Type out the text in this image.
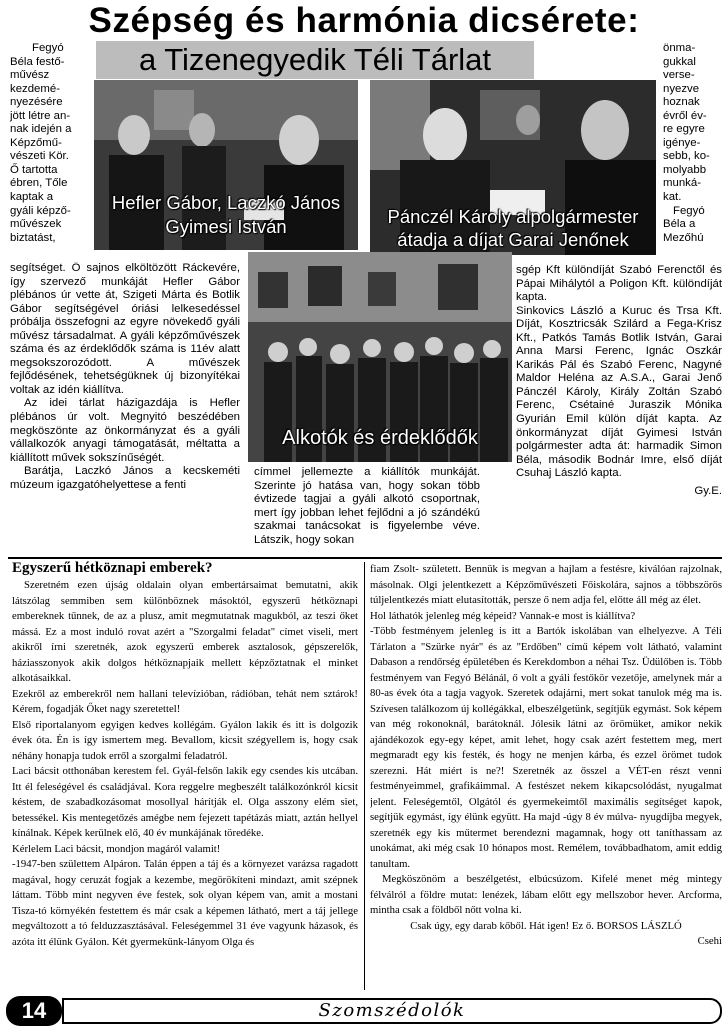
Szépség és harmónia dicsérete:
a Tizenegyedik Téli Tárlat
Hefler Gábor, Laczkó János
Gyimesi István	Pánczél Károly alpolgármester
átadja a díjat Garai Jenőnek
Alkotók és érdeklődők

Fegyó

Béla festő-

művész

kezdemé-

nyezésére

jött létre an-

nak idején a

Képzőmű-

vészeti Kör.

Ő tartotta

ébren, Tőle

kaptak a

gyáli képző-

művészek

biztatást,

segítséget. Ő sajnos elköltözött Ráckevére, így szervező munkáját Hefler Gábor plébános úr vette át, Szigeti Márta és Botlik Gábor segítségével óriási lelkesedéssel próbálja összefogni az egyre növekedő gyáli művész társadalmat. A gyáli képzőművészek száma és az érdeklődők száma is 11év alatt megsokszorozódott. A művészek fejlődésének, tehetségüknek új bizonyítékai voltak az idén kiállítva.

Az idei tárlat házigazdája is Hefler plébános úr volt. Megnyitó beszédében megköszönte az önkormányzat és a gyáli vállalkozók anyagi támogatását, méltatta a kiállított művek sokszínűségét.

Barátja, Laczkó János a kecskeméti múzeum igazgatóhelyettese a fenti

címmel jellemezte a kiállítók munkáját. Szerinte jó hatása van, hogy sokan több évtizede tagjai a gyáli alkotó csoportnak, mert így jobban lehet fejlődni a jó szándékú szakmai tanácsokat is figyelembe véve. Látszik, hogy sokan

önma-

gukkal

verse-

nyezve

hoznak

évről év-

re egyre

igénye-

sebb, ko-

molyabb

munká-

kat.

Fegyó

Béla a

Mezőhú

sgép Kft különdíját Szabó Ferenctől és Pápai Mihálytól a Poligon Kft. különdíját kapta.

Sinkovics László a Kuruc és Trsa Kft. Díját, Kosztricsák Szilárd a Fega-Krisz Kft., Patkós Tamás Botlik István, Garai Anna Marsi Ferenc, Ignác Oszkár Karikás Pál és Szabó Ferenc, Nagyné Maldor Heléna az A.S.A., Garai Jenő Pánczél Károly, Király Zoltán Szabó Ferenc, Csétainé Juraszik Mónika Gyurián Emil külön díját kapta. Az önkormányzat díját Gyimesi István polgármester adta át: harmadik Simon Béla, második Bodnár Imre, első díját Csuhaj László kapta.

Gy.E.

Egyszerű hétköznapi emberek?

Szeretném ezen újság oldalain olyan embertársaimat bemutatni, akik látszólag semmiben sem különböznek másoktól, egyszerű hétköznapi embereknek tűnnek, de az a plusz, amit megmutatnak magukból, az teszi őket mássá. Ez a most induló rovat azért a "Szorgalmi feladat" címet viseli, mert akikről írni szeretnék, azok egyszerű emberek asztalosok, gépszerelők, háziasszonyok akik dolgos hétköznapjaik mellett képzőztatnak el minket alkotásaikkal.

Ezekről az emberekről nem hallani televízióban, rádióban, tehát nem sztárok! Kérem, fogadják Őket nagy szeretettel!

Első riportalanyom egyigen kedves kollégám. Gyálon lakik és itt is dolgozik évek óta. Én is így ismertem meg. Bevallom, kicsit szégyellem is, hogy csak néhány honapja tudok erről a szorgalmi feladatról.

Laci bácsit otthonában kerestem fel. Gyál-felsőn lakik egy csendes kis utcában. Itt él feleségével és családjával. Kora reggelre megbeszélt találkozónkról kicsit késtem, de szabadkozásomat mosollyal hárítják el. Olga asszony elém siet, betessékel. Kis mentegetőzés amégbe nem fejezett tapétázás miatt, aztán hellyel kínálnak. Képek kerülnek elő, 40 év munkájának töredéke.

Kérlelem Laci bácsit, mondjon magáról valamit!

-1947-ben születtem Alpáron. Talán éppen a táj és a környezet varázsa ragadott magával, hogy ceruzát fogjak a kezembe, megörökíteni mindazt, amit szépnek láttam. Több mint negyven éve festek, sok olyan képem van, amit a mostani Tisza-tó környékén festettem és már csak a képemen látható, mert a táj jellege megváltozott a tó felduzzasztásával. Feleségemmel 31 éve vagyunk házasok, és azóta itt élünk Gyálon. Két gyermekünk-lányom Olga és

fiam Zsolt- született. Bennük is megvan a hajlam a festésre, kiválóan rajzolnak, másolnak. Olgi jelentkezett a Képzőművészeti Főiskolára, sajnos a többszörös túljelentkezés miatt elutasították, persze ő nem adja fel, előtte áll még az élet.

Hol láthatók jelenleg még képeid? Vannak-e most is kiállítva?

-Több festményem jelenleg is itt a Bartók iskolában van elhelyezve. A Téli Tárlaton a "Szürke nyár" és az "Erdőben" című képem volt látható, valamint Dabason a rendőrség épületében és Kerekdombon a néhai Tsz. Üdülőben is. Több festményem van Fegyó Bélánál, ő volt a gyáli festőkör vezetője, amelynek már a 80-as évek óta a tagja vagyok. Szeretek odajárni, mert sokat tanulok még ma is. Szívesen találkozom új kollégákkal, elbeszélgetünk, segítjük egymást. Sok képem van még rokonoknál, barátoknál. Jólesik látni az örömüket, amikor nekik ajándékozok egy-egy képet, amit lehet, hogy csak azért festettem meg, mert megmaradt egy kis festék, és hogy ne menjen kárba, és ezzel örömet tudok szerezni. Hát miért is ne?! Szeretnék az ősszel a VÉT-en részt venni festményeimmel, grafikáimmal. A festészet nekem kikapcsolódást, nyugalmat jelent. Feleségemtől, Olgától és gyermekeimtől maximális segítséget kapok, segítjük egymást, így élünk együtt. Ha majd -úgy 8 év múlva- nyugdíjba megyek, szeretnék egy kis műtermet berendezni magamnak, hogy ott taníthassam az unokámat, aki még csak 10 hónapos most. Remélem, továbbadhatom, amit eddig tanultam.

Megköszönöm a beszélgetést, elbúcsúzom. Kifelé menet még mintegy félválról a földre mutat: lenézek, lábam előtt egy mellszobor hever. Arcforma, mintha csak a földből nőtt volna ki.

Csak úgy, egy darab kőből. Hát igen! Ez ő. BORSOS LÁSZLÓ

Csehi

14	Szomszédolók
